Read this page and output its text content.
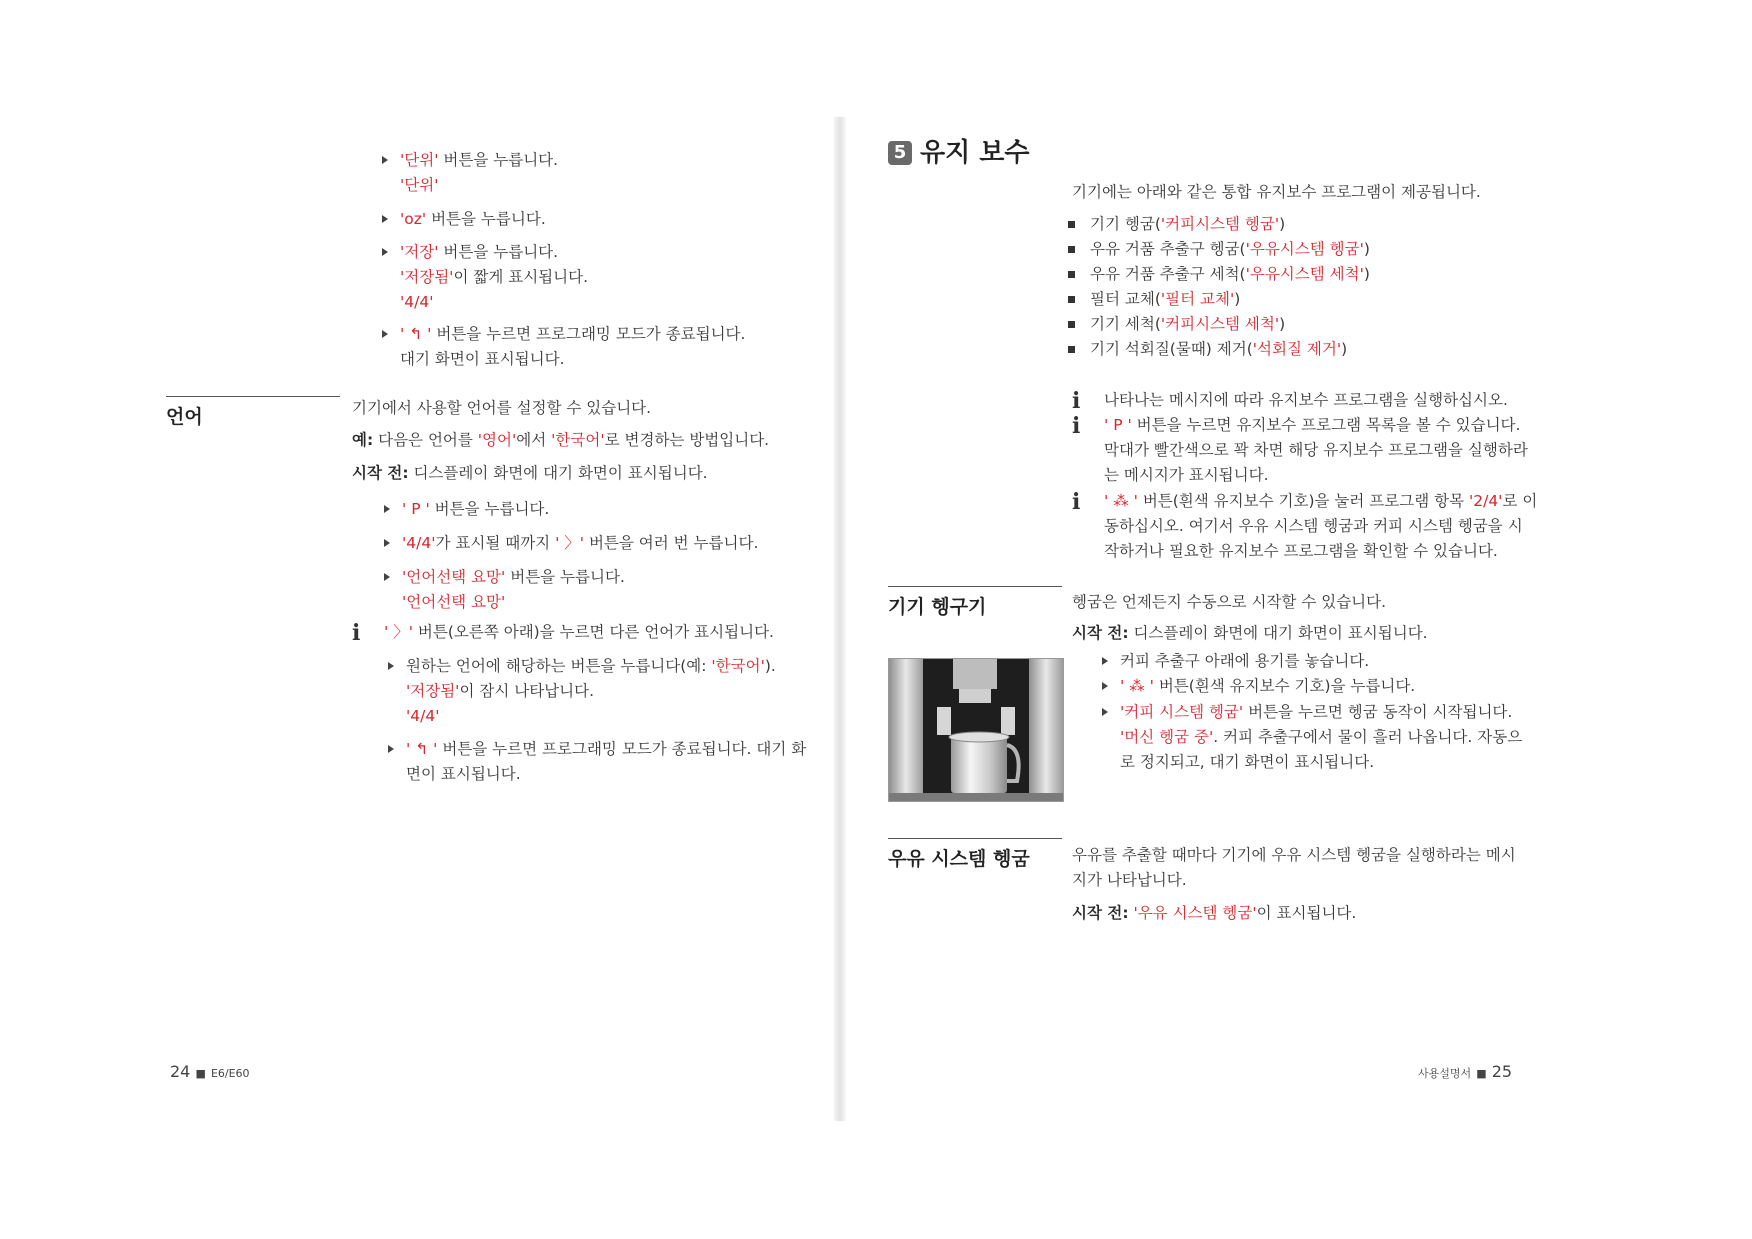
'단위' 버튼을 누릅니다.
'단위'
'oz' 버튼을 누릅니다.
'저장' 버튼을 누릅니다.
'저장됨'이 짧게 표시됩니다.
'4/4'
' ↰ ' 버튼을 누르면 프로그래밍 모드가 종료됩니다.
대기 화면이 표시됩니다.
언어	기기에서 사용할 언어를 설정할 수 있습니다.
예: 다음은 언어를 '영어'에서 '한국어'로 변경하는 방법입니다.
시작 전: 디스플레이 화면에 대기 화면이 표시됩니다.
' P ' 버튼을 누릅니다.
'4/4'가 표시될 때까지 ' 〉' 버튼을 여러 번 누릅니다.
'언어선택 요망' 버튼을 누릅니다.
'언어선택 요망'
i ' 〉' 버튼(오른쪽 아래)을 누르면 다른 언어가 표시됩니다.
원하는 언어에 해당하는 버튼을 누릅니다(예: '한국어').
'저장됨'이 잠시 나타납니다.
'4/4'
' ↰ ' 버튼을 누르면 프로그래밍 모드가 종료됩니다. 대기 화
면이 표시됩니다.
24 ■ E6/E60
5 유지 보수
기기에는 아래와 같은 통합 유지보수 프로그램이 제공됩니다.
기기 헹굼('커피시스템 헹굼')
우유 거품 추출구 헹굼('우유시스템 헹굼')
우유 거품 추출구 세척('우유시스템 세척')
필터 교체('필터 교체')
기기 세척('커피시스템 세척')
기기 석회질(물때) 제거('석회질 제거')
i 나타나는 메시지에 따라 유지보수 프로그램을 실행하십시오.
i ' P ' 버튼을 누르면 유지보수 프로그램 목록을 볼 수 있습니다.
막대가 빨간색으로 꽉 차면 해당 유지보수 프로그램을 실행하라
는 메시지가 표시됩니다.
i ' ⁂ ' 버튼(흰색 유지보수 기호)을 눌러 프로그램 항목 '2/4'로 이
동하십시오. 여기서 우유 시스템 헹굼과 커피 시스템 헹굼을 시
작하거나 필요한 유지보수 프로그램을 확인할 수 있습니다.
기기 헹구기	헹굼은 언제든지 수동으로 시작할 수 있습니다.
시작 전: 디스플레이 화면에 대기 화면이 표시됩니다.
커피 추출구 아래에 용기를 놓습니다.
' ⁂ ' 버튼(흰색 유지보수 기호)을 누릅니다.
'커피 시스템 헹굼' 버튼을 누르면 헹굼 동작이 시작됩니다.
'머신 헹굼 중'. 커피 추출구에서 물이 흘러 나옵니다. 자동으
로 정지되고, 대기 화면이 표시됩니다.
우유 시스템 헹굼	우유를 추출할 때마다 기기에 우유 시스템 헹굼을 실행하라는 메시
지가 나타납니다.
시작 전: '우유 시스템 헹굼'이 표시됩니다.
사용설명서 ■ 25
